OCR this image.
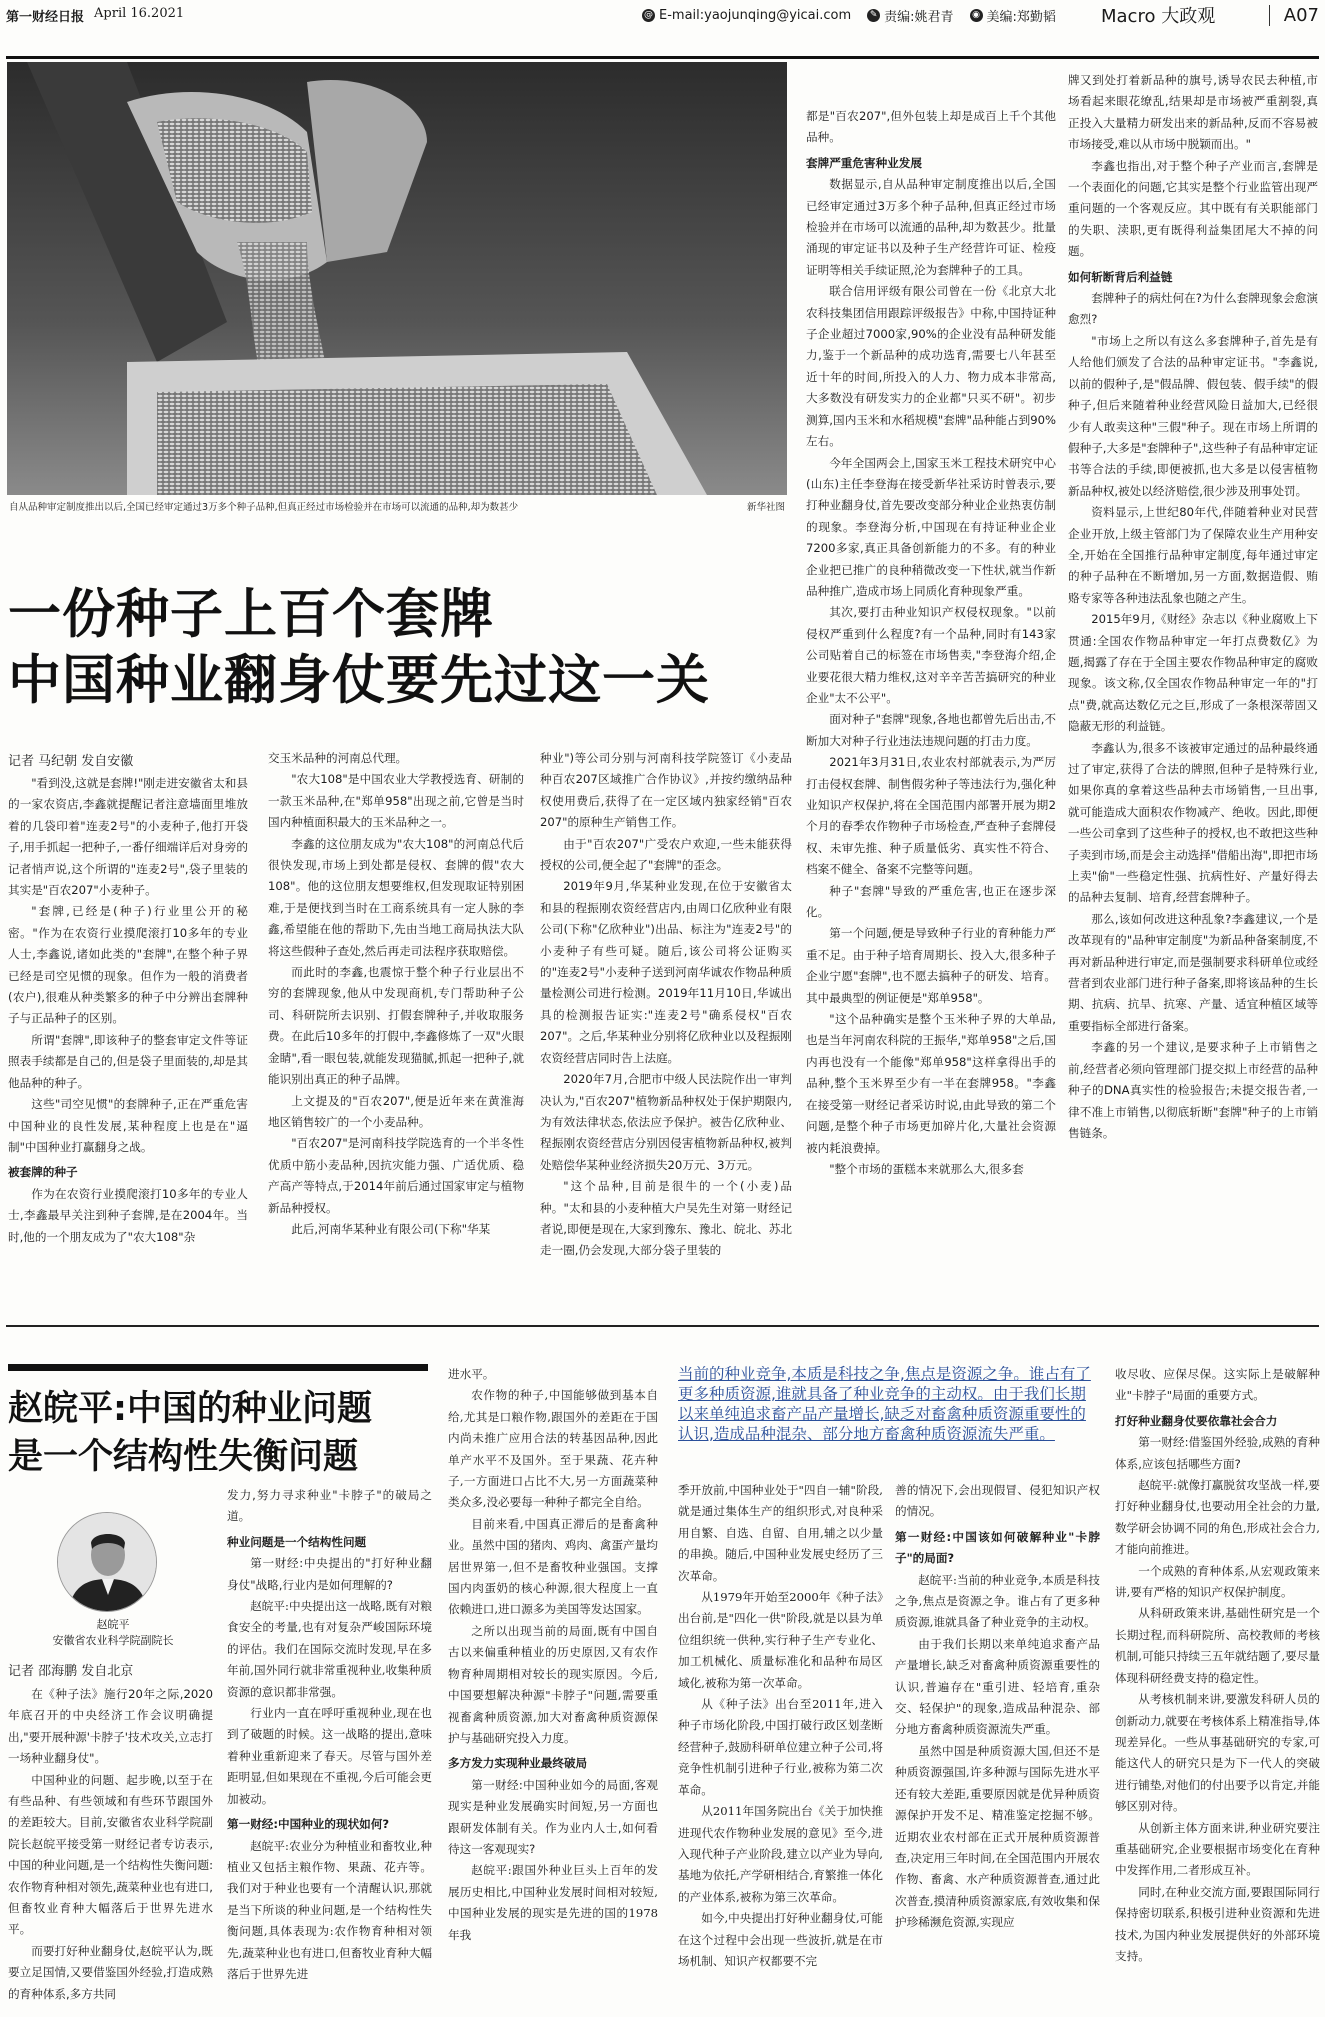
第一财经日报 April 16.2021	@ E-mail:yaojunqing@yicai.com	✎ 责编:姚君青 ◉ 美编:郑勤韬	Macro 大政观	A07
自从品种审定制度推出以后,全国已经审定通过3万多个种子品种,但真正经过市场检验并在市场可以流通的品种,却为数甚少	新华社图
一份种子上百个套牌
中国种业翻身仗要先过这一关
记者 马纪朝 发自安徽

"看到没,这就是套牌!"刚走进安徽省太和县的一家农资店,李鑫就提醒记者注意墙面里堆放着的几袋印着"连麦2号"的小麦种子,他打开袋子,用手抓起一把种子,一番仔细端详后对身旁的记者悄声说,这个所谓的"连麦2号",袋子里装的其实是"百农207"小麦种子。

"套牌,已经是(种子)行业里公开的秘密。"作为在农资行业摸爬滚打10多年的专业人士,李鑫说,诸如此类的"套牌",在整个种子界已经是司空见惯的现象。但作为一般的消费者(农户),很难从种类繁多的种子中分辨出套牌种子与正品种子的区别。

所谓"套牌",即该种子的整套审定文件等证照表手续都是自己的,但是袋子里面装的,却是其他品种的种子。

这些"司空见惯"的套牌种子,正在严重危害中国种业的良性发展,某种程度上也是在"逼制"中国种业打赢翻身之战。

被套牌的种子

作为在农资行业摸爬滚打10多年的专业人士,李鑫最早关注到种子套牌,是在2004年。当时,他的一个朋友成为了"农大108"杂

交玉米品种的河南总代理。

"农大108"是中国农业大学教授选育、研制的一款玉米品种,在"郑单958"出现之前,它曾是当时国内种植面积最大的玉米品种之一。

李鑫的这位朋友成为"农大108"的河南总代后很快发现,市场上到处都是侵权、套牌的假"农大108"。他的这位朋友想要维权,但发现取证特别困难,于是便找到当时在工商系统具有一定人脉的李鑫,希望能在他的帮助下,先由当地工商局执法大队将这些假种子查处,然后再走司法程序获取赔偿。

而此时的李鑫,也震惊于整个种子行业层出不穷的套牌现象,他从中发现商机,专门帮助种子公司、科研院所去识别、打假套牌种子,并收取服务费。在此后10多年的打假中,李鑫修炼了一双"火眼金睛",看一眼包装,就能发现猫腻,抓起一把种子,就能识别出真正的种子品牌。

上文提及的"百农207",便是近年来在黄淮海地区销售较广的一个小麦品种。

"百农207"是河南科技学院选育的一个半冬性优质中筋小麦品种,因抗灾能力强、广适优质、稳产高产等特点,于2014年前后通过国家审定与植物新品种授权。

此后,河南华某种业有限公司(下称"华某

种业")等公司分别与河南科技学院签订《小麦品种百农207区域推广合作协议》,并按约缴纳品种权使用费后,获得了在一定区域内独家经销"百农207"的原种生产销售工作。

由于"百农207"广受农户欢迎,一些未能获得授权的公司,便全起了"套牌"的歪念。

2019年9月,华某种业发现,在位于安徽省太和县的程振刚农资经营店内,由周口亿欣种业有限公司(下称"亿欣种业")出品、标注为"连麦2号"的小麦种子有些可疑。随后,该公司将公证购买的"连麦2号"小麦种子送到河南华诚农作物品种质量检测公司进行检测。2019年11月10日,华诚出具的检测报告证实:"连麦2号"确系侵权"百农207"。之后,华某种业分别将亿欣种业以及程振刚农资经营店同时告上法庭。

2020年7月,合肥市中级人民法院作出一审判决认为,"百农207"植物新品种权处于保护期限内,为有效法律状态,依法应予保护。被告亿欣种业、程振刚农资经营店分别因侵害植物新品种权,被判处赔偿华某种业经济损失20万元、3万元。

"这个品种,目前是很牛的一个(小麦)品种。"太和县的小麦种植大户吴先生对第一财经记者说,即便是现在,大家到豫东、豫北、皖北、苏北走一圈,仍会发现,大部分袋子里装的

都是"百农207",但外包装上却是成百上千个其他品种。

套牌严重危害种业发展

数据显示,自从品种审定制度推出以后,全国已经审定通过3万多个种子品种,但真正经过市场检验并在市场可以流通的品种,却为数甚少。批量涌现的审定证书以及种子生产经营许可证、检疫证明等相关手续证照,沦为套牌种子的工具。

联合信用评级有限公司曾在一份《北京大北农科技集团信用跟踪评级报告》中称,中国持证种子企业超过7000家,90%的企业没有品种研发能力,鉴于一个新品种的成功选育,需要七八年甚至近十年的时间,所投入的人力、物力成本非常高,大多数没有研发实力的企业都"只买不研"。初步测算,国内玉米和水稻规模"套牌"品种能占到90%左右。

今年全国两会上,国家玉米工程技术研究中心(山东)主任李登海在接受新华社采访时曾表示,要打种业翻身仗,首先要改变部分种业企业热衷仿制的现象。李登海分析,中国现在有持证种业企业7200多家,真正具备创新能力的不多。有的种业企业把已推广的良种稍微改变一下性状,就当作新品种推广,造成市场上同质化育种现象严重。

其次,要打击种业知识产权侵权现象。"以前侵权严重到什么程度?有一个品种,同时有143家公司贴着自己的标签在市场售卖,"李登海介绍,企业要花很大精力维权,这对辛辛苦苦搞研究的种业企业"太不公平"。

面对种子"套牌"现象,各地也都曾先后出击,不断加大对种子行业违法违规问题的打击力度。

2021年3月31日,农业农村部就表示,为严厉打击侵权套牌、制售假劣种子等违法行为,强化种业知识产权保护,将在全国范围内部署开展为期2个月的春季农作物种子市场检查,严查种子套牌侵权、未审先推、种子质量低劣、真实性不符合、档案不健全、备案不完整等问题。

种子"套牌"导致的严重危害,也正在逐步深化。

第一个问题,便是导致种子行业的育种能力严重不足。由于种子培育周期长、投入大,很多种子企业宁愿"套牌",也不愿去搞种子的研发、培育。其中最典型的例证便是"郑单958"。

"这个品种确实是整个玉米种子界的大单品,也是当年河南农科院的王振华,"郑单958"之后,国内再也没有一个能像"郑单958"这样拿得出手的品种,整个玉米界至少有一半在套牌958。"李鑫在接受第一财经记者采访时说,由此导致的第二个问题,是整个种子市场更加碎片化,大量社会资源被内耗浪费掉。

"整个市场的蛋糕本来就那么大,很多套

牌又到处打着新品种的旗号,诱导农民去种植,市场看起来眼花缭乱,结果却是市场被严重割裂,真正投入大量精力研发出来的新品种,反而不容易被市场接受,难以从市场中脱颖而出。"

李鑫也指出,对于整个种子产业而言,套牌是一个表面化的问题,它其实是整个行业监管出现严重问题的一个客观反应。其中既有有关职能部门的失职、渎职,更有既得利益集团尾大不掉的问题。

如何斩断背后利益链

套牌种子的病灶何在?为什么套牌现象会愈演愈烈?

"市场上之所以有这么多套牌种子,首先是有人给他们颁发了合法的品种审定证书。"李鑫说,以前的假种子,是"假品牌、假包装、假手续"的假种子,但后来随着种业经营风险日益加大,已经很少有人敢卖这种"三假"种子。现在市场上所谓的假种子,大多是"套牌种子",这些种子有品种审定证书等合法的手续,即便被抓,也大多是以侵害植物新品种权,被处以经济赔偿,很少涉及刑事处罚。

资料显示,上世纪80年代,伴随着种业对民营企业开放,上级主管部门为了保障农业生产用种安全,开始在全国推行品种审定制度,每年通过审定的种子品种在不断增加,另一方面,数据造假、贿赂专家等各种违法乱象也随之产生。

2015年9月,《财经》杂志以《种业腐败上下贯通:全国农作物品种审定一年打点费数亿》为题,揭露了存在于全国主要农作物品种审定的腐败现象。该文称,仅全国农作物品种审定一年的"打点"费,就高达数亿元之巨,形成了一条根深蒂固又隐蔽无形的利益链。

李鑫认为,很多不该被审定通过的品种最终通过了审定,获得了合法的牌照,但种子是特殊行业,如果你真的拿着这些品种去市场销售,一旦出事,就可能造成大面积农作物减产、绝收。因此,即便一些公司拿到了这些种子的授权,也不敢把这些种子卖到市场,而是会主动选择"借船出海",即把市场上卖"偷"一些稳定性强、抗病性好、产量好得去的品种去复制、培育,经营套牌种子。

那么,该如何改进这种乱象?李鑫建议,一个是改革现有的"品种审定制度"为新品种备案制度,不再对新品种进行审定,而是强制要求科研单位或经营者到农业部门进行种子备案,即将该品种的生长期、抗病、抗旱、抗寒、产量、适宜种植区域等重要指标全部进行备案。

李鑫的另一个建议,是要求种子上市销售之前,经营者必须向管理部门提交拟上市经营的品种种子的DNA真实性的检验报告;未提交报告者,一律不准上市销售,以彻底斩断"套牌"种子的上市销售链条。

赵皖平:中国的种业问题
是一个结构性失衡问题
赵皖平
安徽省农业科学院副院长
记者 邵海鹏 发自北京

在《种子法》施行20年之际,2020年底召开的中央经济工作会议明确提出,"要开展种源'卡脖子'技术攻关,立志打一场种业翻身仗"。

中国种业的问题、起步晚,以至于在有些品种、有些领域和有些环节跟国外的差距较大。目前,安徽省农业科学院副院长赵皖平接受第一财经记者专访表示,中国的种业问题,是一个结构性失衡问题:农作物育种相对领先,蔬菜种业也有进口,但畜牧业育种大幅落后于世界先进水平。

而要打好种业翻身仗,赵皖平认为,既要立足国情,又要借鉴国外经验,打造成熟的育种体系,多方共同

发力,努力寻求种业"卡脖子"的破局之道。

种业问题是一个结构性问题

第一财经:中央提出的"打好种业翻身仗"战略,行业内是如何理解的?

赵皖平:中央提出这一战略,既有对粮食安全的考量,也有对复杂严峻国际环境的评估。我们在国际交流时发现,早在多年前,国外同行就非常重视种业,收集种质资源的意识都非常强。

行业内一直在呼吁重视种业,现在也到了破题的时候。这一战略的提出,意味着种业重新迎来了春天。尽管与国外差距明显,但如果现在不重视,今后可能会更加被动。

第一财经:中国种业的现状如何?

赵皖平:农业分为种植业和畜牧业,种植业又包括主粮作物、果蔬、花卉等。我们对于种业也要有一个清醒认识,那就是当下所谈的种业问题,是一个结构性失衡问题,具体表现为:农作物育种相对领先,蔬菜种业也有进口,但畜牧业育种大幅落后于世界先进

进水平。

农作物的种子,中国能够做到基本自给,尤其是口粮作物,跟国外的差距在于国内尚未推广应用合法的转基因品种,因此单产水平不及国外。至于果蔬、花卉种子,一方面进口占比不大,另一方面蔬菜种类众多,没必要每一种种子都完全自给。

目前来看,中国真正滞后的是畜禽种业。虽然中国的猪肉、鸡肉、禽蛋产量均居世界第一,但不是畜牧种业强国。支撑国内肉蛋奶的核心种源,很大程度上一直依赖进口,进口源多为美国等发达国家。

之所以出现当前的局面,既有中国自古以来偏重种植业的历史原因,又有农作物育种周期相对较长的现实原因。今后,中国要想解决种源"卡脖子"问题,需要重视畜禽种质资源,加大对畜禽种质资源保护与基础研究投入力度。

多方发力实现种业最终破局

第一财经:中国种业如今的局面,客观现实是种业发展确实时间短,另一方面也跟研发体制有关。作为业内人士,如何看待这一客观现实?

赵皖平:跟国外种业巨头上百年的发展历史相比,中国种业发展时间相对较短,中国种业发展的现实是先进的国的1978年我

当前的种业竞争,本质是科技之争,焦点是资源之争。谁占有了更多种质资源,谁就具备了种业竞争的主动权。由于我们长期以来单纯追求畜产品产量增长,缺乏对畜禽种质资源重要性的认识,造成品种混杂、部分地方畜禽种质资源流失严重。

季开放前,中国种业处于"四自一辅"阶段,就是通过集体生产的组织形式,对良种采用自繁、自选、自留、自用,辅之以少量的串换。随后,中国种业发展史经历了三次革命。

从1979年开始至2000年《种子法》出台前,是"四化一供"阶段,就是以县为单位组织统一供种,实行种子生产专业化、加工机械化、质量标准化和品种布局区域化,被称为第一次革命。

从《种子法》出台至2011年,进入种子市场化阶段,中国打破行政区划垄断经营种子,鼓励科研单位建立种子公司,将竞争性机制引进种子行业,被称为第二次革命。

从2011年国务院出台《关于加快推进现代农作物种业发展的意见》至今,进入现代种子产业阶段,建立以产业为导向,基地为依托,产学研相结合,育繁推一体化的产业体系,被称为第三次革命。

如今,中央提出打好种业翻身仗,可能在这个过程中会出现一些波折,就是在市场机制、知识产权都要不完

善的情况下,会出现假冒、侵犯知识产权的情况。

第一财经:中国该如何破解种业"卡脖子"的局面?

赵皖平:当前的种业竞争,本质是科技之争,焦点是资源之争。谁占有了更多种质资源,谁就具备了种业竞争的主动权。

由于我们长期以来单纯追求畜产品产量增长,缺乏对畜禽种质资源重要性的认识,普遍存在"重引进、轻培育,重杂交、轻保护"的现象,造成品种混杂、部分地方畜禽种质资源流失严重。

虽然中国是种质资源大国,但还不是种质资源强国,许多种源与国际先进水平还有较大差距,重要原因就是优异种质资源保护开发不足、精准鉴定挖掘不够。近期农业农村部在正式开展种质资源普查,决定用三年时间,在全国范围内开展农作物、畜禽、水产种质资源普查,通过此次普查,摸清种质资源家底,有效收集和保护珍稀濒危资源,实现应

收尽收、应保尽保。这实际上是破解种业"卡脖子"局面的重要方式。

打好种业翻身仗要依靠社会合力

第一财经:借鉴国外经验,成熟的育种体系,应该包括哪些方面?

赵皖平:就像打赢脱贫攻坚战一样,要打好种业翻身仗,也要动用全社会的力量,数学研会协调不同的角色,形成社会合力,才能向前推进。

一个成熟的育种体系,从宏观政策来讲,要有严格的知识产权保护制度。

从科研政策来讲,基础性研究是一个长期过程,而科研院所、高校教师的考核机制,可能只持续三五年就结题了,要尽量体现科研经费支持的稳定性。

从考核机制来讲,要激发科研人员的创新动力,就要在考核体系上精准指导,体现差异化。一些从事基础研究的专家,可能这代人的研究只是为下一代人的突破进行铺垫,对他们的付出要予以肯定,并能够区别对待。

从创新主体方面来讲,种业研究要注重基础研究,企业要根据市场变化在育种中发挥作用,二者形成互补。

同时,在种业交流方面,要跟国际同行保持密切联系,积极引进种业资源和先进技术,为国内种业发展提供好的外部环境支持。
